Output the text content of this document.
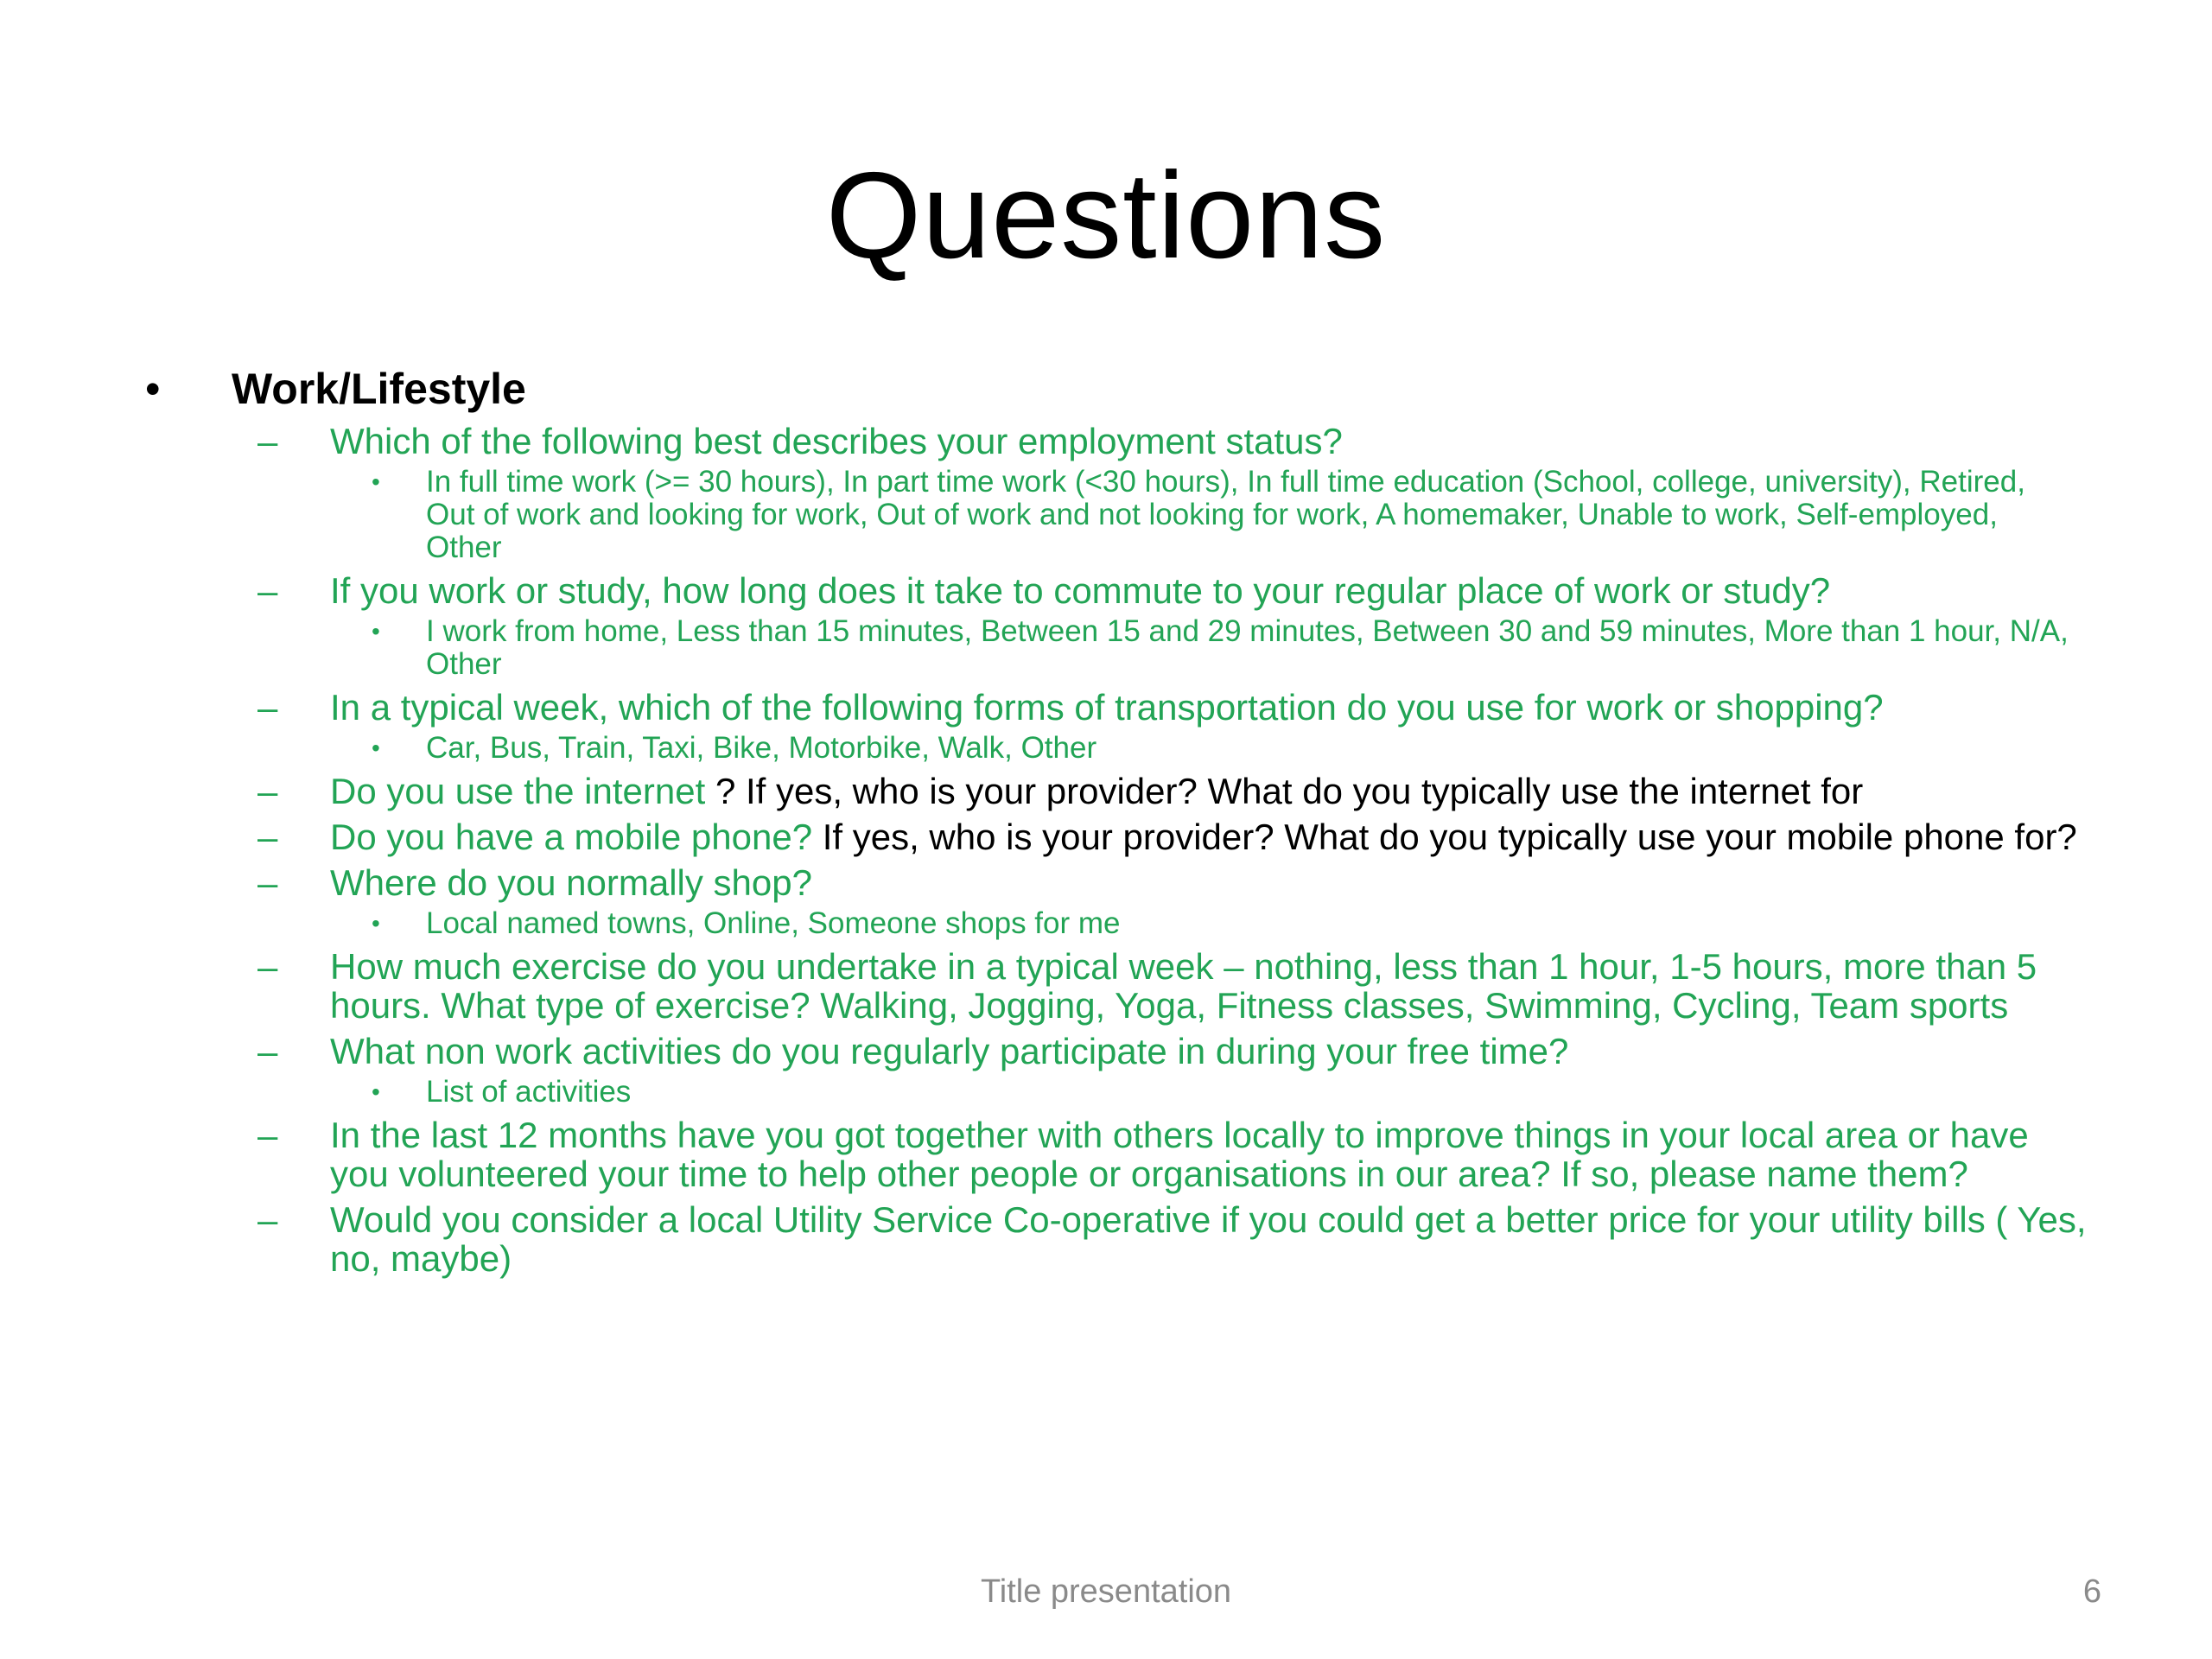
Questions
• Work/Lifestyle
– Which of the following best describes your employment status?
• In full time work (>= 30 hours), In part time work (<30 hours), In full time education (School, college, university), Retired, Out of work and looking for work, Out of work and not looking for work, A homemaker, Unable to work, Self-employed, Other
– If you work or study, how long does it take to commute to your regular place of work or study?
• I work from home, Less than 15 minutes, Between 15 and 29 minutes, Between 30 and 59 minutes, More than 1 hour, N/A, Other
– In a typical week, which of the following forms of transportation do you use for work or shopping?
• Car, Bus, Train, Taxi, Bike, Motorbike, Walk, Other
– Do you use the internet ? If yes, who is your provider? What do you typically use the internet for
– Do you have a mobile phone? If yes, who is your provider? What do you typically use your mobile phone for?
– Where do you normally shop?
• Local named towns, Online, Someone shops for me
– How much exercise do you undertake in a typical week – nothing, less than 1 hour, 1-5 hours, more than 5 hours. What type of exercise? Walking, Jogging, Yoga, Fitness classes, Swimming, Cycling, Team sports
– What non work activities do you regularly participate in during your free time?
• List of activities
– In the last 12 months have you got together with others locally to improve things in your local area or have you volunteered your time to help other people or organisations in our area? If so, please name them?
– Would you consider a local Utility Service Co-operative if you could get a better price for your utility bills ( Yes, no, maybe)
Title presentation	6
